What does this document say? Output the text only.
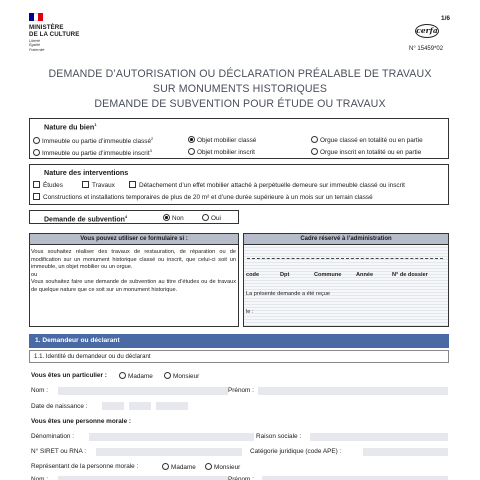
MINISTÈRE
DE LA CULTURE
Liberté
Égalité
Fraternité
1/6
cerfa
N° 15459*02
DEMANDE D’AUTORISATION OU DÉCLARATION PRÉALABLE DE TRAVAUX
SUR MONUMENTS HISTORIQUES
DEMANDE DE SUBVENTION POUR ÉTUDE OU TRAVAUX
Nature du bien$^1$
Immeuble ou partie d’immeuble classé$^2$	Objet mobilier classé	Orgue classé en totalité ou en partie
Immeuble ou partie d’immeuble inscrit$^3$	Objet mobilier inscrit	Orgue inscrit en totalité ou en partie
Nature des interventions
Études	Travaux	Détachement d’un effet mobilier attaché à perpétuelle demeure sur immeuble classé ou inscrit
Constructions et installations temporaires de plus de 20 m² et d’une durée supérieure à un mois sur un terrain classé
Demande de subvention$^4$	Non	Oui
Vous pouvez utiliser ce formulaire si :
Vous souhaitez réaliser des travaux de restauration, de réparation ou de modification sur un monument historique classé ou inscrit, que celui-ci soit un immeuble, un objet mobilier ou un orgue.
ou
Vous souhaitez faire une demande de subvention au titre d’études ou de travaux de quelque nature que ce soit sur un monument historique.
Cadre réservé à l’administration
code	Dpt	Commune	Année	N° de dossier
La présente demande a été reçue
le :
1. Demandeur ou déclarant
1.1. Identité du demandeur ou du déclarant
Vous êtes un particulier :	Madame	Monsieur
Nom :	Prénom :
Date de naissance :
Vous êtes une personne morale :
Dénomination :	Raison sociale :
N° SIRET ou RNA :	Catégorie juridique (code APE) :
Représentant de la personne morale :	Madame	Monsieur
Nom :	Prénom :
